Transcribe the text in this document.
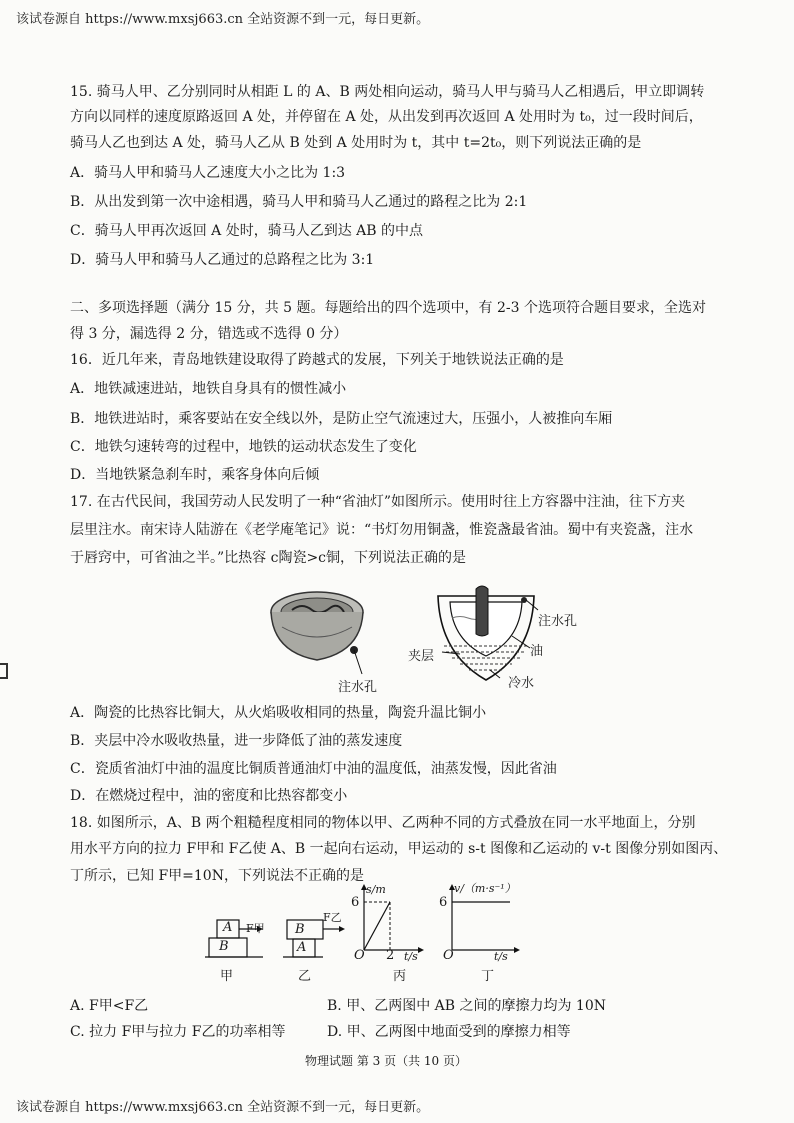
该试卷源自 https://www.mxsj663.cn 全站资源不到一元，每日更新。
15. 骑马人甲、乙分别同时从相距 L 的 A、B 两处相向运动，骑马人甲与骑马人乙相遇后，甲立即调转
方向以同样的速度原路返回 A 处，并停留在 A 处，从出发到再次返回 A 处用时为 t₀，过一段时间后，
骑马人乙也到达 A 处，骑马人乙从 B 处到 A 处用时为 t，其中 t=2t₀，则下列说法正确的是
A．骑马人甲和骑马人乙速度大小之比为 1:3
B．从出发到第一次中途相遇，骑马人甲和骑马人乙通过的路程之比为 2:1
C．骑马人甲再次返回 A 处时，骑马人乙到达 AB 的中点
D．骑马人甲和骑马人乙通过的总路程之比为 3:1
二、多项选择题（满分 15 分，共 5 题。每题给出的四个选项中，有 2-3 个选项符合题目要求，全选对
得 3 分，漏选得 2 分，错选或不选得 0 分）
16．近几年来，青岛地铁建设取得了跨越式的发展，下列关于地铁说法正确的是
A．地铁减速进站，地铁自身具有的惯性减小
B．地铁进站时，乘客要站在安全线以外，是防止空气流速过大，压强小，人被推向车厢
C．地铁匀速转弯的过程中，地铁的运动状态发生了变化
D．当地铁紧急刹车时，乘客身体向后倾
17. 在古代民间，我国劳动人民发明了一种“省油灯”如图所示。使用时往上方容器中注油，往下方夹
层里注水。南宋诗人陆游在《老学庵笔记》说：“书灯勿用铜盏，惟瓷盏最省油。蜀中有夹瓷盏，注水
于唇窍中，可省油之半。”比热容 c陶瓷>c铜，下列说法正确的是
注水孔
注水孔
油
夹层
冷水
A．陶瓷的比热容比铜大，从火焰吸收相同的热量，陶瓷升温比铜小
B．夹层中冷水吸收热量，进一步降低了油的蒸发速度
C．瓷质省油灯中油的温度比铜质普通油灯中油的温度低，油蒸发慢，因此省油
D．在燃烧过程中，油的密度和比热容都变小
18. 如图所示，A、B 两个粗糙程度相同的物体以甲、乙两种不同的方式叠放在同一水平地面上，分别
用水平方向的拉力 F甲和 F乙使 A、B 一起向右运动，甲运动的 s-t 图像和乙运动的 v-t 图像分别如图丙、
丁所示，已知 F甲=10N，下列说法不正确的是
A
B
F甲
甲
B
A
F乙
乙
s/m
6
O 2 t/s
丙
v/（m·s⁻¹）
6
O	t/s
丁
A. F甲<F乙	B. 甲、乙两图中 AB 之间的摩擦力均为 10N
C. 拉力 F甲与拉力 F乙的功率相等	D. 甲、乙两图中地面受到的摩擦力相等
物理试题 第 3 页（共 10 页）
该试卷源自 https://www.mxsj663.cn 全站资源不到一元，每日更新。
